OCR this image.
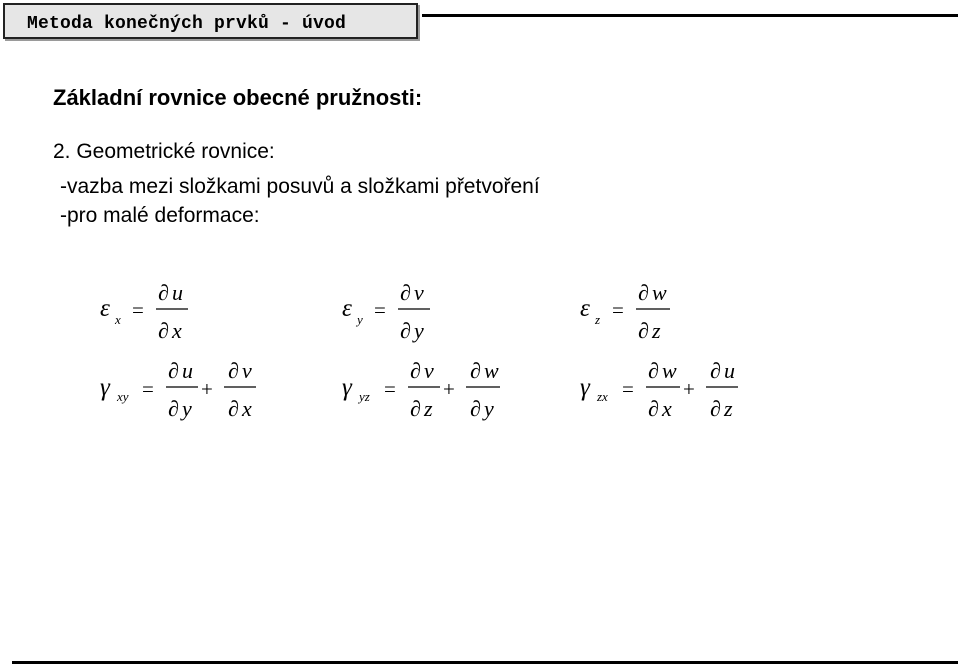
Metoda konečných prvků - úvod
Základní rovnice obecné pružnosti:
2. Geometrické rovnice:
-vazba mezi složkami posuvů a složkami přetvoření
-pro malé deformace:
ε x =
∂ u
∂ x
ε y =
∂ v
∂ y
ε z =
∂ w
∂ z
γ xy =
∂ u
∂ y
+
∂ v
∂ x
γ yz =
∂ v
∂ z
+
∂ w
∂ y
γ zx =
∂ w
∂ x
+
∂ u
∂ z
